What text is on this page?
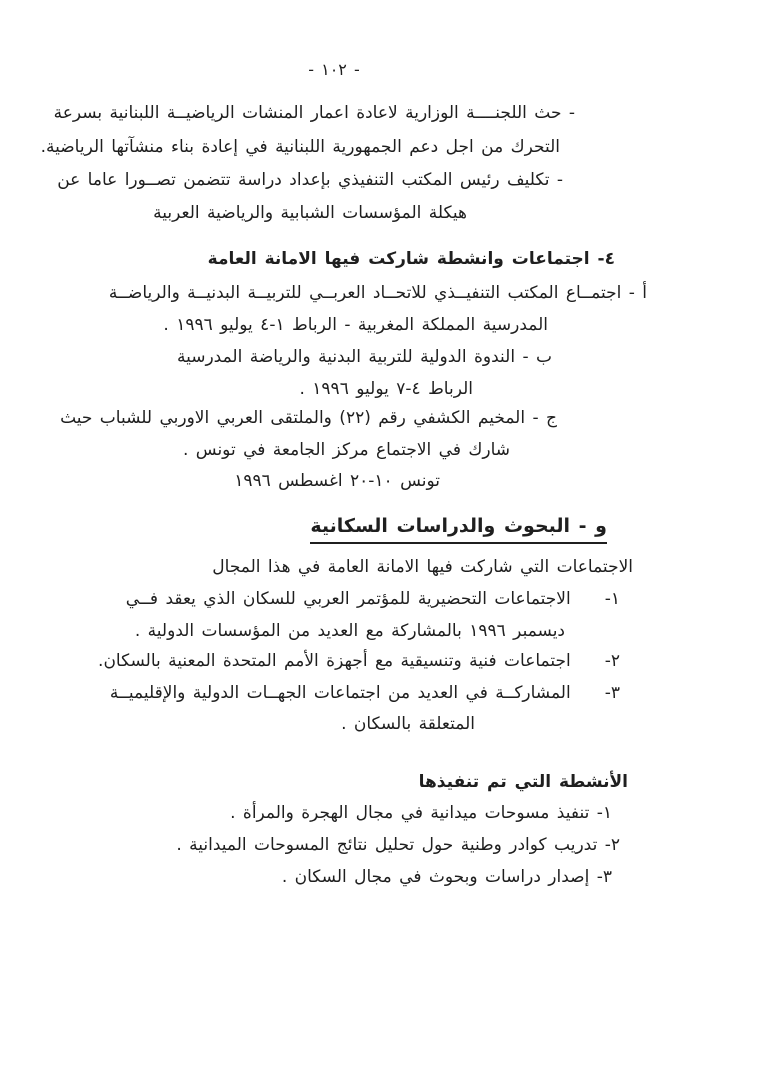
- ١٠٢ -
- حث اللجنــــة الوزارية لاعادة اعمار المنشات الرياضيــة اللبنانية بسرعة
التحرك من اجل دعم الجمهورية اللبنانية في إعادة بناء منشآتها الرياضية.
- تكليف رئيس المكتب التنفيذي بإعداد دراسة تتضمن تصــورا عاما عن
هيكلة المؤسسات الشبابية والرياضية العربية
٤- اجتماعات وانشطة شاركت فيها الامانة العامة
أ - اجتمــاع المكتب التنفيــذي للاتحــاد العربــي للتربيــة البدنيــة والرياضــة
المدرسية المملكة المغربية - الرباط ١-٤ يوليو ١٩٩٦ .
ب - الندوة الدولية للتربية البدنية والرياضة المدرسية
الرباط ٤-٧ يوليو ١٩٩٦ .
ج - المخيم الكشفي رقم (٢٢) والملتقى العربي الاوربي للشباب حيث
شارك في الاجتماع مركز الجامعة في تونس .
تونس ١٠-٢٠ اغسطس ١٩٩٦
و - البحوث والدراسات السكانية
الاجتماعات التي شاركت فيها الامانة العامة في هذا المجال
١-الاجتماعات التحضيرية للمؤتمر العربي للسكان الذي يعقد فــي
ديسمبر ١٩٩٦ بالمشاركة مع العديد من المؤسسات الدولية .
٢-اجتماعات فنية وتنسيقية مع أجهزة الأمم المتحدة المعنية بالسكان.
٣-المشاركــة في العديد من اجتماعات الجهــات الدولية والإقليميــة
المتعلقة بالسكان .
الأنشطة التي تم تنفيذها
١- تنفيذ مسوحات ميدانية في مجال الهجرة والمرأة .
٢- تدريب كوادر وطنية حول تحليل نتائج المسوحات الميدانية .
٣- إصدار دراسات وبحوث في مجال السكان .
